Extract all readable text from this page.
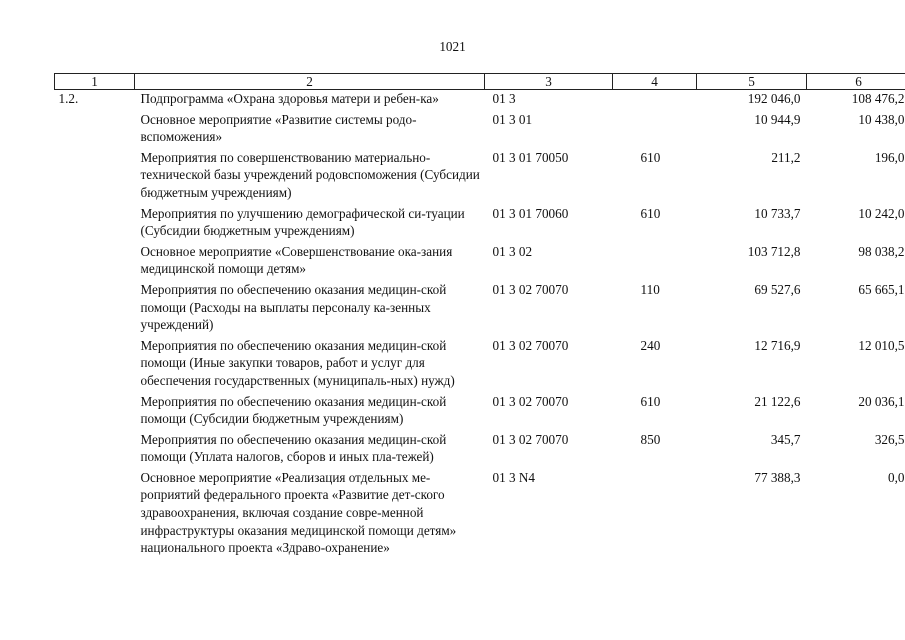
1021
1	2	3	4	5	6
1.2.	Подпрограмма «Охрана здоровья матери и ребен-ка»	01 3		192 046,0	108 476,2
	Основное мероприятие «Развитие системы родо-вспоможения»	01 3 01		10 944,9	10 438,0
	Мероприятия по совершенствованию материально-технической базы учреждений родовспоможения (Субсидии бюджетным учреждениям)	01 3 01 70050	610	211,2	196,0
	Мероприятия по улучшению демографической си-туации (Субсидии бюджетным учреждениям)	01 3 01 70060	610	10 733,7	10 242,0
	Основное мероприятие «Совершенствование ока-зания медицинской помощи детям»	01 3 02		103 712,8	98 038,2
	Мероприятия по обеспечению оказания медицин-ской помощи (Расходы на выплаты персоналу ка-зенных учреждений)	01 3 02 70070	110	69 527,6	65 665,1
	Мероприятия по обеспечению оказания медицин-ской помощи (Иные закупки товаров, работ и услуг для обеспечения государственных (муниципаль-ных) нужд)	01 3 02 70070	240	12 716,9	12 010,5
	Мероприятия по обеспечению оказания медицин-ской помощи (Субсидии бюджетным учреждениям)	01 3 02 70070	610	21 122,6	20 036,1
	Мероприятия по обеспечению оказания медицин-ской помощи (Уплата налогов, сборов и иных пла-тежей)	01 3 02 70070	850	345,7	326,5
	Основное мероприятие «Реализация отдельных ме-роприятий федерального проекта «Развитие дет-ского здравоохранения, включая создание совре-менной инфраструктуры оказания медицинской помощи детям» национального проекта «Здраво-охранение»	01 3 N4		77 388,3	0,0
